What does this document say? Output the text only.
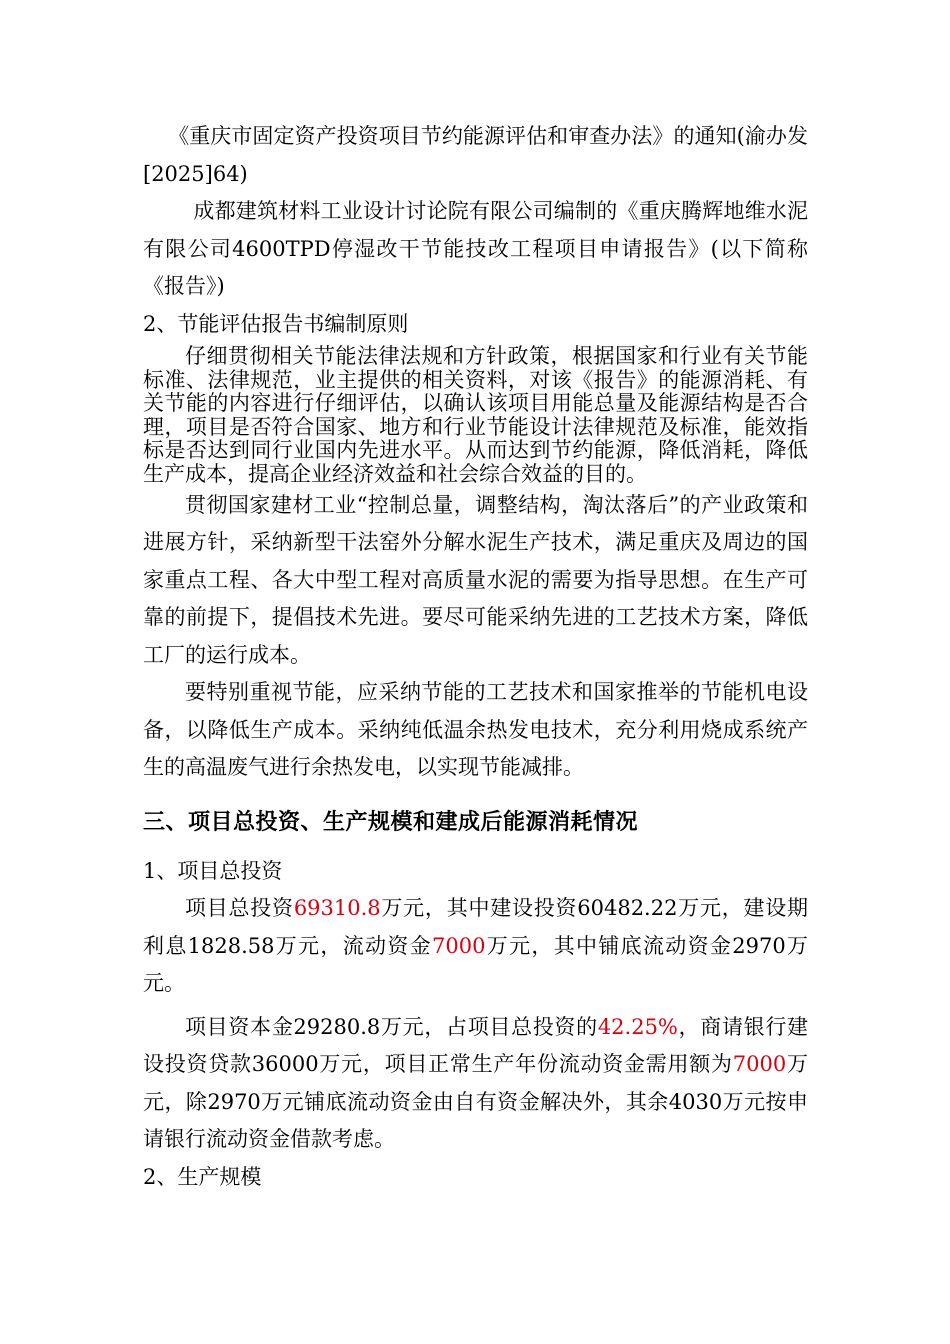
《重庆市固定资产投资项目节约能源评估和审查办法》的通知(渝办发[2025]64)

成都建筑材料工业设计讨论院有限公司编制的《重庆腾辉地维水泥有限公司4600TPD停湿改干节能技改工程项目申请报告》(以下简称《报告》)

2、节能评估报告书编制原则

仔细贯彻相关节能法律法规和方针政策，根据国家和行业有关节能标准、法律规范，业主提供的相关资料，对该《报告》的能源消耗、有关节能的内容进行仔细评估，以确认该项目用能总量及能源结构是否合理，项目是否符合国家、地方和行业节能设计法律规范及标准，能效指标是否达到同行业国内先进水平。从而达到节约能源，降低消耗，降低生产成本，提高企业经济效益和社会综合效益的目的。

贯彻国家建材工业“控制总量，调整结构，淘汰落后”的产业政策和进展方针，采纳新型干法窑外分解水泥生产技术，满足重庆及周边的国家重点工程、各大中型工程对高质量水泥的需要为指导思想。在生产可靠的前提下，提倡技术先进。要尽可能采纳先进的工艺技术方案，降低工厂的运行成本。

要特别重视节能，应采纳节能的工艺技术和国家推举的节能机电设备，以降低生产成本。采纳纯低温余热发电技术，充分利用烧成系统产生的高温废气进行余热发电，以实现节能减排。

三、项目总投资、生产规模和建成后能源消耗情况

1、项目总投资

项目总投资69310.8万元，其中建设投资60482.22万元，建设期利息1828.58万元，流动资金7000万元，其中铺底流动资金2970万元。

项目资本金29280.8万元，占项目总投资的42.25%，商请银行建设投资贷款36000万元，项目正常生产年份流动资金需用额为7000万元，除2970万元铺底流动资金由自有资金解决外，其余4030万元按申请银行流动资金借款考虑。

2、生产规模
